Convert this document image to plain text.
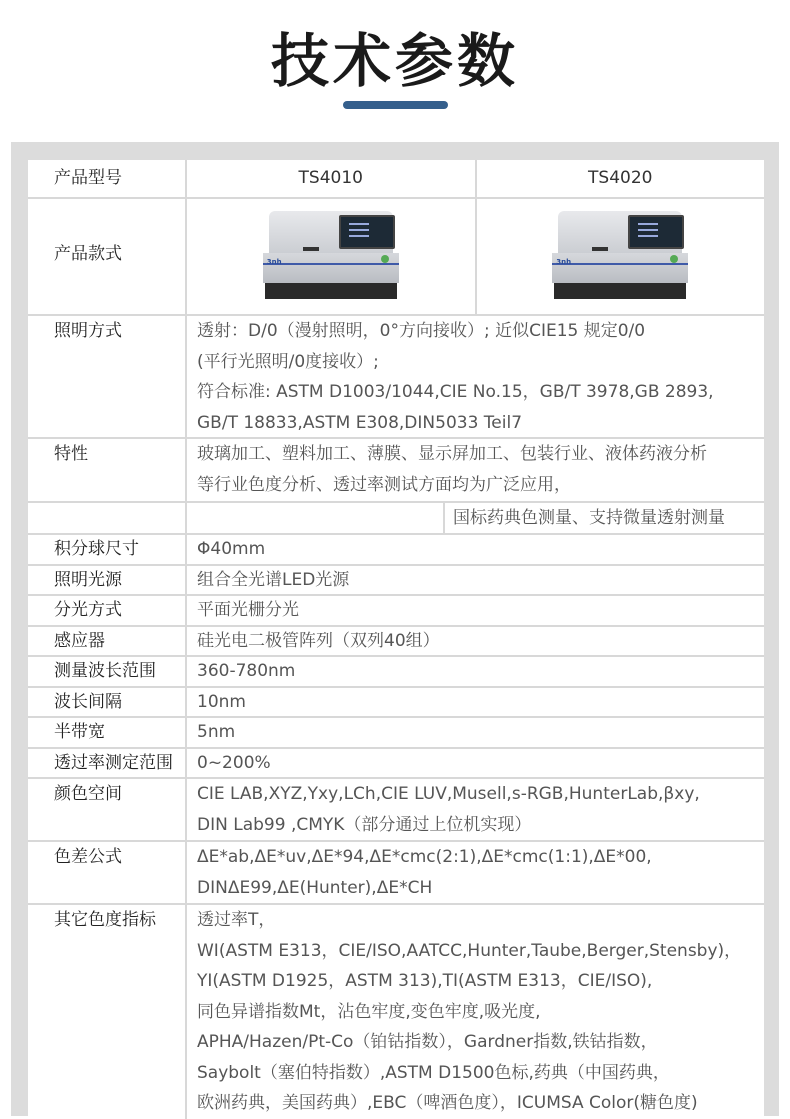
技术参数
产品型号	TS4010	TS4020
产品款式	3nh	3nh
照明方式	透射：D/0（漫射照明，0°方向接收）; 近似CIE15 规定0/0
(平行光照明/0度接收）;
符合标准: ASTM D1003/1044,CIE No.15，GB/T 3978,GB 2893,
GB/T 18833,ASTM E308,DIN5033 Teil7
特性	玻璃加工、塑料加工、薄膜、显示屏加工、包装行业、液体药液分析
等行业色度分析、透过率测试方面均为广泛应用，
国标药典色测量、支持微量透射测量
积分球尺寸	Φ40mm
照明光源	组合全光谱LED光源
分光方式	平面光栅分光
感应器	硅光电二极管阵列（双列40组）
测量波长范围	360-780nm
波长间隔	10nm
半带宽	5nm
透过率测定范围	0~200%
颜色空间	CIE LAB,XYZ,Yxy,LCh,CIE LUV,Musell,s-RGB,HunterLab,βxy,
DIN Lab99 ,CMYK（部分通过上位机实现）
色差公式	ΔE*ab,ΔE*uv,ΔE*94,ΔE*cmc(2:1),ΔE*cmc(1:1),ΔE*00,
DINΔE99,ΔE(Hunter),ΔE*CH
其它色度指标	透过率T，
WI(ASTM E313，CIE/ISO,AATCC,Hunter,Taube,Berger,Stensby)，
YI(ASTM D1925，ASTM 313),TI(ASTM E313，CIE/ISO),
同色异谱指数Mt，沾色牢度,变色牢度,吸光度,
APHA/Hazen/Pt-Co（铂钴指数），Gardner指数,铁钴指数，
Saybolt（塞伯特指数）,ASTM D1500色标,药典（中国药典，
欧洲药典，美国药典）,EBC（啤酒色度），ICUMSA Color(糖色度)
